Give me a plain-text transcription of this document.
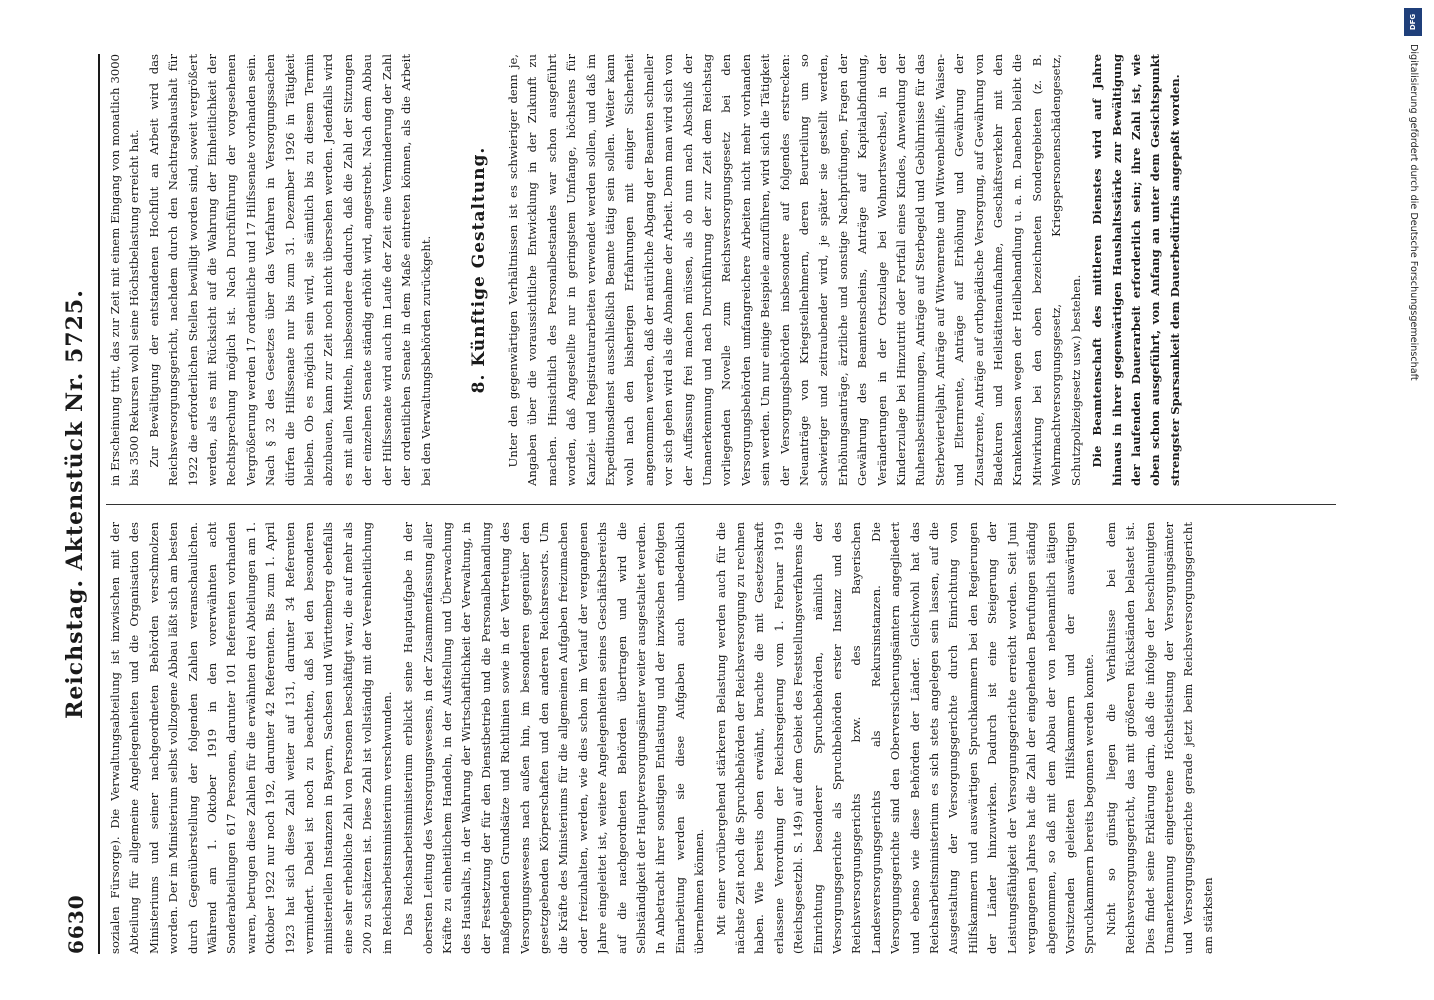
6630
Reichstag. Aktenstück Nr. 5725.

sozialen Fürsorge). Die Verwaltungsabteilung ist inzwischen mit der Abteilung für allgemeine Angelegenheiten und die Organisation des Ministeriums und seiner nachgeordneten Behörden verschmolzen worden. Der im Ministerium selbst vollzogene Abbau läßt sich am besten durch Gegenüberstellung der folgenden Zahlen veranschaulichen. Während am 1. Oktober 1919 in den vorerwähnten acht Sonderabteilungen 617 Personen, darunter 101 Referenten vorhanden waren, betrugen diese Zahlen für die erwähnten drei Abteilungen am 1. Oktober 1922 nur noch 192, darunter 42 Referenten. Bis zum 1. April 1923 hat sich diese Zahl weiter auf 131, darunter 34 Referenten vermindert. Dabei ist noch zu beachten, daß bei den besonderen ministeriellen Instanzen in Bayern, Sachsen und Württemberg ebenfalls eine sehr erhebliche Zahl von Personen beschäftigt war, die auf mehr als 200 zu schätzen ist. Diese Zahl ist vollständig mit der Vereinheitlichung im Reichsarbeitsministerium verschwunden. Das Reichsarbeitsministerium erblickt seine Hauptaufgabe in der obersten Leitung des Versorgungswesens, in der Zusammenfassung aller Kräfte zu einheitlichem Handeln, in der Aufstellung und Überwachung des Haushalts, in der Wahrung der Wirtschaftlichkeit der Verwaltung, in der Festsetzung der für den Dienstbetrieb und die Personalbehandlung maßgebenden Grundsätze und Richtlinien sowie in der Vertretung des Versorgungswesens nach außen hin, im besonderen gegenüber den gesetzgebenden Körperschaften und den anderen Reichsressorts. Um die Kräfte des Ministeriums für die allgemeinen Aufgaben freizumachen oder freizuhalten, werden, wie dies schon im Verlauf der vergangenen Jahre eingeleitet ist, weitere Angelegenheiten seines Geschäftsbereichs auf die nachgeordneten Behörden übertragen und wird die Selbständigkeit der Hauptversorgungsämter weiter ausgestaltet werden. In Anbetracht ihrer sonstigen Entlastung und der inzwischen erfolgten Einarbeitung werden sie diese Aufgaben auch unbedenklich übernehmen können. Mit einer vorübergehend stärkeren Belastung werden auch für die nächste Zeit noch die Spruchbehörden der Reichsversorgung zu rechnen haben. Wie bereits oben erwähnt, brachte die mit Gesetzeskraft erlassene Verordnung der Reichsregierung vom 1. Februar 1919 (Reichsgesetzbl. S. 149) auf dem Gebiet des Feststellungsverfahrens die Einrichtung besonderer Spruchbehörden, nämlich der Versorgungsgerichte als Spruchbehörden erster Instanz und des Reichsversorgungsgerichts bzw. des Bayerischen Landesversorgungsgerichts als Rekursinstanzen. Die Versorgungsgerichte sind den Oberversicherungsämtern angegliedert und ebenso wie diese Behörden der Länder. Gleichwohl hat das Reichsarbeitsministerium es sich stets angelegen sein lassen, auf die Ausgestaltung der Versorgungsgerichte durch Einrichtung von Hilfskammern und auswärtigen Spruchkammern bei den Regierungen der Länder hinzuwirken. Dadurch ist eine Steigerung der Leistungsfähigkeit der Versorgungsgerichte erreicht worden. Seit Juni vergangenen Jahres hat die Zahl der eingehenden Berufungen ständig abgenommen, so daß mit dem Abbau der von nebenamtlich tätigen Vorsitzenden geleiteten Hilfskammern und der auswärtigen Spruchkammern bereits begonnen werden konnte. Nicht so günstig liegen die Verhältnisse bei dem Reichsversorgungsgericht, das mit größeren Rückständen belastet ist. Dies findet seine Erklärung darin, daß die infolge der beschleunigten Umanerkennung eingetretene Höchstleistung der Versorgungsämter und Versorgungsgerichte gerade jetzt beim Reichsversorgungsgericht am stärksten

in Erscheinung tritt, das zur Zeit mit einem Eingang von monatlich 3000 bis 3500 Rekursen wohl seine Höchstbelastung erreicht hat. Zur Bewältigung der entstandenen Hochflut an Arbeit wird das Reichsversorgungsgericht, nachdem durch den Nachtragshaushalt für 1922 die erforderlichen Stellen bewilligt worden sind, soweit vergrößert werden, als es mit Rücksicht auf die Wahrung der Einheitlichkeit der Rechtsprechung möglich ist. Nach Durchführung der vorgesehenen Vergrößerung werden 17 ordentliche und 17 Hilfssenate vorhanden sein. Nach § 32 des Gesetzes über das Verfahren in Versorgungssachen dürfen die Hilfssenate nur bis zum 31. Dezember 1926 in Tätigkeit bleiben. Ob es möglich sein wird, sie sämtlich bis zu diesem Termin abzubauen, kann zur Zeit noch nicht übersehen werden. Jedenfalls wird es mit allen Mitteln, insbesondere dadurch, daß die Zahl der Sitzungen der einzelnen Senate ständig erhöht wird, angestrebt. Nach dem Abbau der Hilfssenate wird auch im Laufe der Zeit eine Verminderung der Zahl der ordentlichen Senate in dem Maße eintreten können, als die Arbeit bei den Verwaltungsbehörden zurückgeht. 8. Künftige Gestaltung. Unter den gegenwärtigen Verhältnissen ist es schwieriger denn je, Angaben über die voraussichtliche Entwicklung in der Zukunft zu machen. Hinsichtlich des Personalbestandes war schon ausgeführt worden, daß Angestellte nur in geringstem Umfange, höchstens für Kanzlei- und Registraturarbeiten verwendet werden sollen, und daß im Expeditionsdienst ausschließlich Beamte tätig sein sollen. Weiter kann wohl nach den bisherigen Erfahrungen mit einiger Sicherheit angenommen werden, daß der natürliche Abgang der Beamten schneller vor sich gehen wird als die Abnahme der Arbeit. Denn man wird sich von der Auffassung frei machen müssen, als ob nun nach Abschluß der Umanerkennung und nach Durchführung der zur Zeit dem Reichstag vorliegenden Novelle zum Reichsversorgungsgesetz bei den Versorgungsbehörden umfangreichere Arbeiten nicht mehr vorhanden sein werden. Um nur einige Beispiele anzuführen, wird sich die Tätigkeit der Versorgungsbehörden insbesondere auf folgendes erstrecken: Neuanträge von Kriegsteilnehmern, deren Beurteilung um so schwieriger und zeitraubender wird, je später sie gestellt werden, Erhöhungsanträge, ärztliche und sonstige Nachprüfungen, Fragen der Gewährung des Beamtenscheins, Anträge auf Kapitalabfindung, Veränderungen in der Ortszulage bei Wohnortswechsel, in der Kinderzulage bei Hinzutritt oder Fortfall eines Kindes, Anwendung der Ruhensbestimmungen, Anträge auf Sterbegeld und Gebührnisse für das Sterbevierteljahr, Anträge auf Witwenrente und Witwenbeihilfe, Waisen- und Elternrente, Anträge auf Erhöhung und Gewährung der Zusatzrente, Anträge auf orthopädische Versorgung, auf Gewährung von Badekuren und Heilstättenaufnahme, Geschäftsverkehr mit den Krankenkassen wegen der Heilbehandlung u. a. m. Daneben bleibt die Mitwirkung bei den oben bezeichneten Sondergebieten (z. B. Wehrmachtversorgungsgesetz, Kriegspersonenschädengesetz, Schutzpolizeigesetz usw.) bestehen. Die Beamtenschaft des mittleren Dienstes wird auf Jahre hinaus in ihrer gegenwärtigen Haushaltsstärke zur Bewältigung der laufenden Dauerarbeit erforderlich sein; ihre Zahl ist, wie oben schon ausgeführt, von Anfang an unter dem Gesichtspunkt strengster Sparsamkeit dem Dauerbedürfnis angepaßt worden.

DFG
Digitalisierung gefördert durch die Deutsche Forschungsgemeinschaft
